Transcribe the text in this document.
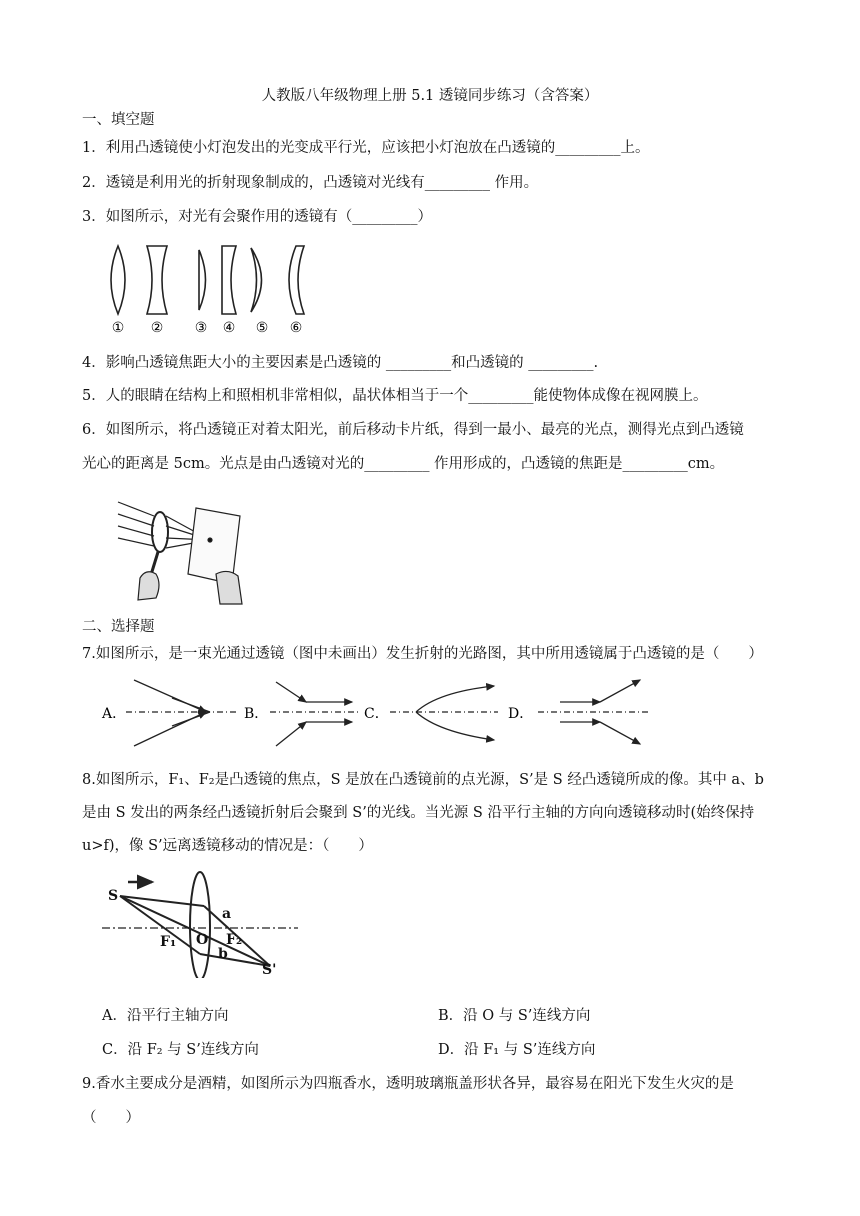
人教版八年级物理上册 5.1 透镜同步练习（含答案）
一、填空题
1．利用凸透镜使小灯泡发出的光变成平行光，应该把小灯泡放在凸透镜的_________上。
2．透镜是利用光的折射现象制成的，凸透镜对光线有_________ 作用。
3．如图所示，对光有会聚作用的透镜有（_________）
① ② ③ ④ ⑤ ⑥
4．影响凸透镜焦距大小的主要因素是凸透镜的 _________和凸透镜的 _________.
5．人的眼睛在结构上和照相机非常相似，晶状体相当于一个_________能使物体成像在视网膜上。
6．如图所示，将凸透镜正对着太阳光，前后移动卡片纸，得到一最小、最亮的光点，测得光点到凸透镜
光心的距离是 5cm。光点是由凸透镜对光的_________ 作用形成的，凸透镜的焦距是_________cm。
二、选择题
7.如图所示，是一束光通过透镜（图中未画出）发生折射的光路图，其中所用透镜属于凸透镜的是（　　）
A．	B．	C．	D．
8.如图所示，F₁、F₂是凸透镜的焦点，S 是放在凸透镜前的点光源，S’是 S 经凸透镜所成的像。其中 a、b
是由 S 发出的两条经凸透镜折射后会聚到 S’的光线。当光源 S 沿平行主轴的方向向透镜移动时(始终保持
u>f)，像 S’远离透镜移动的情况是：（　　）
S
a
F₁ O F₂
b
S'
A．沿平行主轴方向	B．沿 O 与 S’连线方向
C．沿 F₂ 与 S’连线方向	D．沿 F₁ 与 S’连线方向
9.香水主要成分是酒精，如图所示为四瓶香水，透明玻璃瓶盖形状各异，最容易在阳光下发生火灾的是
（　　）
